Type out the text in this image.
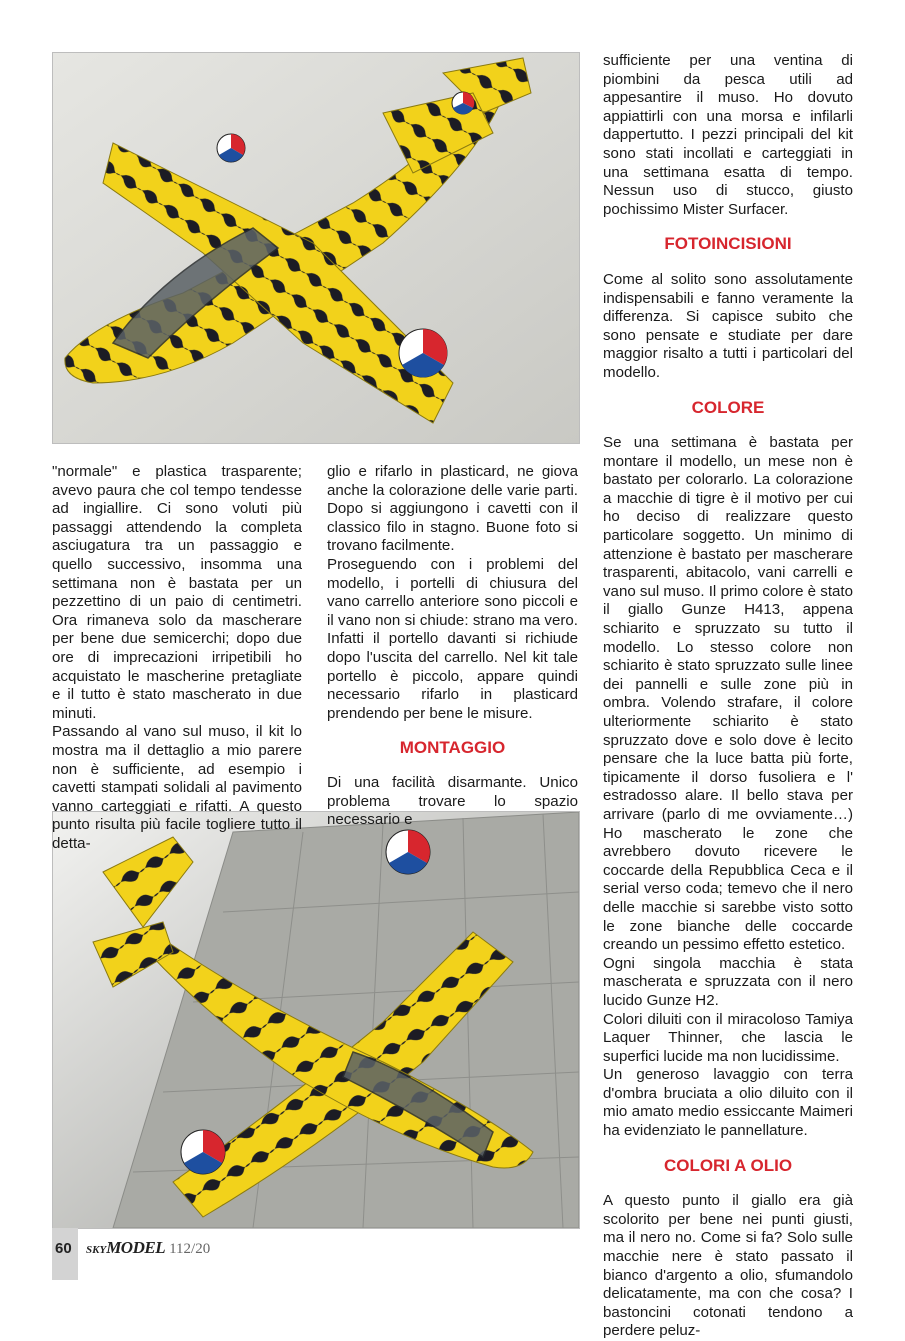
"normale" e plastica trasparente; avevo paura che col tempo tendesse ad ingiallire. Ci sono voluti più passaggi attendendo la completa asciugatura tra un passaggio e quello successivo, insomma una settimana non è bastata per un pezzettino di un paio di centimetri. Ora rimaneva solo da mascherare per bene due semicerchi; dopo due ore di imprecazioni irripetibili ho acquistato le mascherine pretagliate e il tutto è stato mascherato in due minuti.

Passando al vano sul muso, il kit lo mostra ma il dettaglio a mio parere non è sufficiente, ad esempio i cavetti stampati solidali al pavimento vanno carteggiati e rifatti. A questo punto risulta più facile togliere tutto il detta-

glio e rifarlo in plasticard, ne giova anche la colorazione delle varie parti. Dopo si aggiungono i cavetti con il classico filo in stagno. Buone foto si trovano facilmente.

Proseguendo con i problemi del modello, i portelli di chiusura del vano carrello anteriore sono piccoli e il vano non si chiude: strano ma vero. Infatti il portello davanti si richiude dopo l'uscita del carrello. Nel kit tale portello è piccolo, appare quindi necessario rifarlo in plasticard prendendo per bene le misure.

MONTAGGIO

Di una facilità disarmante. Unico problema trovare lo spazio necessario e

sufficiente per una ventina di piombini da pesca utili ad appesantire il muso. Ho dovuto appiattirli con una morsa e infilarli dappertutto. I pezzi principali del kit sono stati incollati e carteggiati in una settimana esatta di tempo. Nessun uso di stucco, giusto pochissimo Mister Surfacer.

FOTOINCISIONI

Come al solito sono assolutamente indispensabili e fanno veramente la differenza. Si capisce subito che sono pensate e studiate per dare maggior risalto a tutti i particolari del modello.

COLORE

Se una settimana è bastata per montare il modello, un mese non è bastato per colorarlo. La colorazione a macchie di tigre è il motivo per cui ho deciso di realizzare questo particolare soggetto. Un minimo di attenzione è bastato per mascherare trasparenti, abitacolo, vani carrelli e vano sul muso. Il primo colore è stato il giallo Gunze H413, appena schiarito e spruzzato su tutto il modello. Lo stesso colore non schiarito è stato spruzzato sulle linee dei pannelli e sulle zone più in ombra. Volendo strafare, il colore ulteriormente schiarito è stato spruzzato dove e solo dove è lecito pensare che la luce batta più forte, tipicamente il dorso fusoliera e l' estradosso alare. Il bello stava per arrivare (parlo di me ovviamente…) Ho mascherato le zone che avrebbero dovuto ricevere le coccarde della Repubblica Ceca e il serial verso coda; temevo che il nero delle macchie si sarebbe visto sotto le zone bianche delle coccarde creando un pessimo effetto estetico.

Ogni singola macchia è stata mascherata e spruzzata con il nero lucido Gunze H2.

Colori diluiti con il miracoloso Tamiya Laquer Thinner, che lascia le superfici lucide ma non lucidissime.

Un generoso lavaggio con terra d'ombra bruciata a olio diluito con il mio amato medio essiccante Maimeri ha evidenziato le pannellature.

COLORI A OLIO

A questo punto il giallo era già scolorito per bene nei punti giusti, ma il nero no. Come si fa? Solo sulle macchie nere è stato passato il bianco d'argento a olio, sfumandolo delicatamente, ma con che cosa? I bastoncini cotonati tendono a perdere peluz-

60 SKYMODEL 112/20
